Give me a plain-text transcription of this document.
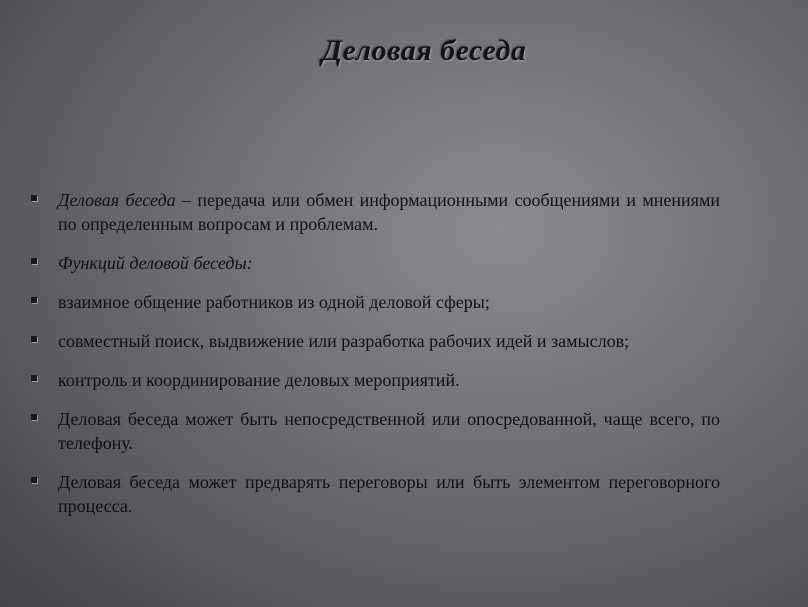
Деловая беседа
Деловая беседа – передача или обмен информационными сообщениями и мнениями по определенным вопросам и проблемам.
Функций деловой беседы:
взаимное общение работников из одной деловой сферы;
совместный поиск, выдвижение или разработка рабочих идей и замыслов;
контроль и координирование деловых мероприятий.
Деловая беседа может быть непосредственной или опосредованной, чаще всего, по телефону.
Деловая беседа может предварять переговоры или быть элементом переговорного процесса.
